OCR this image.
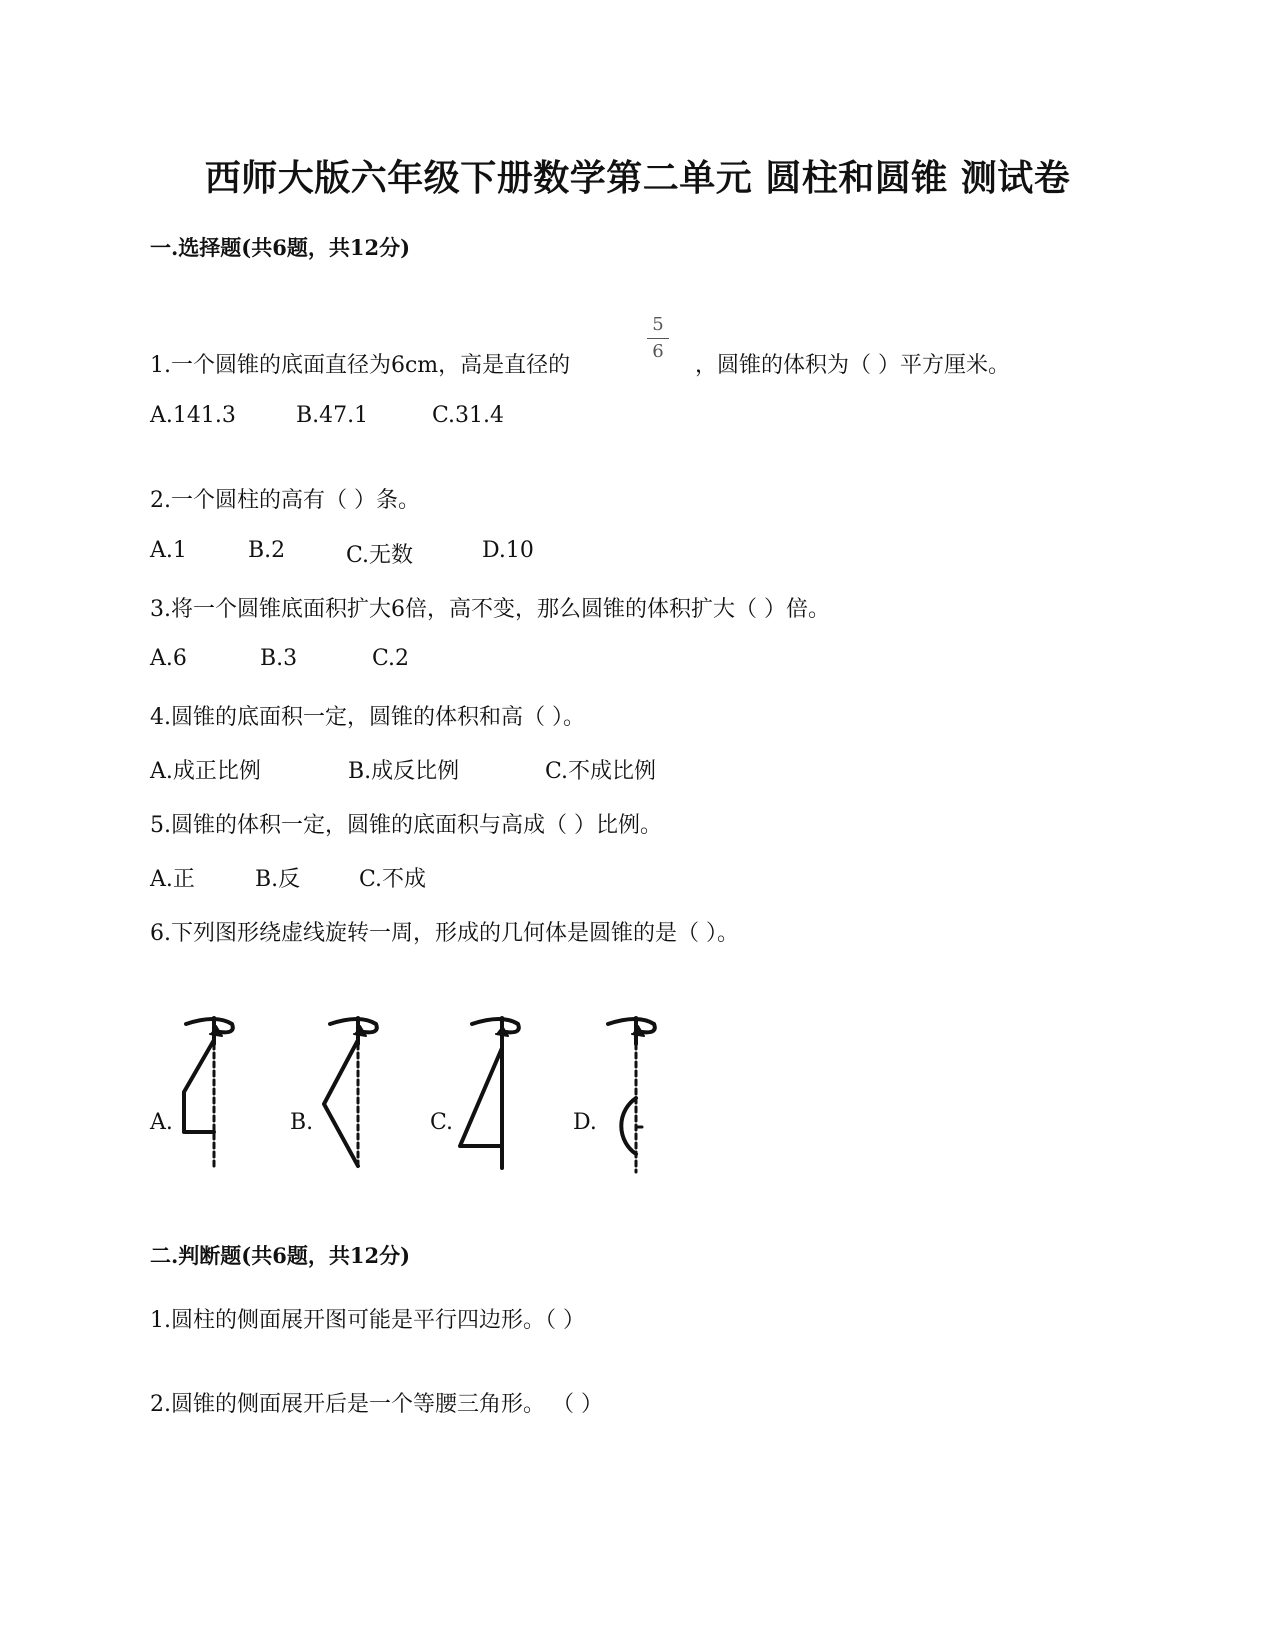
西师大版六年级下册数学第二单元 圆柱和圆锥 测试卷
一.选择题(共6题，共12分)
1.一个圆锥的底面直径为6cm，高是直径的
5
6
，圆锥的体积为（ ）平方厘米。
A.141.3	B.47.1	C.31.4
2.一个圆柱的高有（ ）条。
A.1	B.2	C.无数	D.10
3.将一个圆锥底面积扩大6倍，高不变，那么圆锥的体积扩大（ ）倍。
A.6	B.3	C.2
4.圆锥的底面积一定，圆锥的体积和高（ ）。
A.成正比例	B.成反比例	C.不成比例
5.圆锥的体积一定，圆锥的底面积与高成（ ）比例。
A.正	B.反	C.不成
6.下列图形绕虚线旋转一周，形成的几何体是圆锥的是（ ）。
A.	B.	C.	D.
二.判断题(共6题，共12分)
1.圆柱的侧面展开图可能是平行四边形。（ ）
2.圆锥的侧面展开后是一个等腰三角形。 （ ）
